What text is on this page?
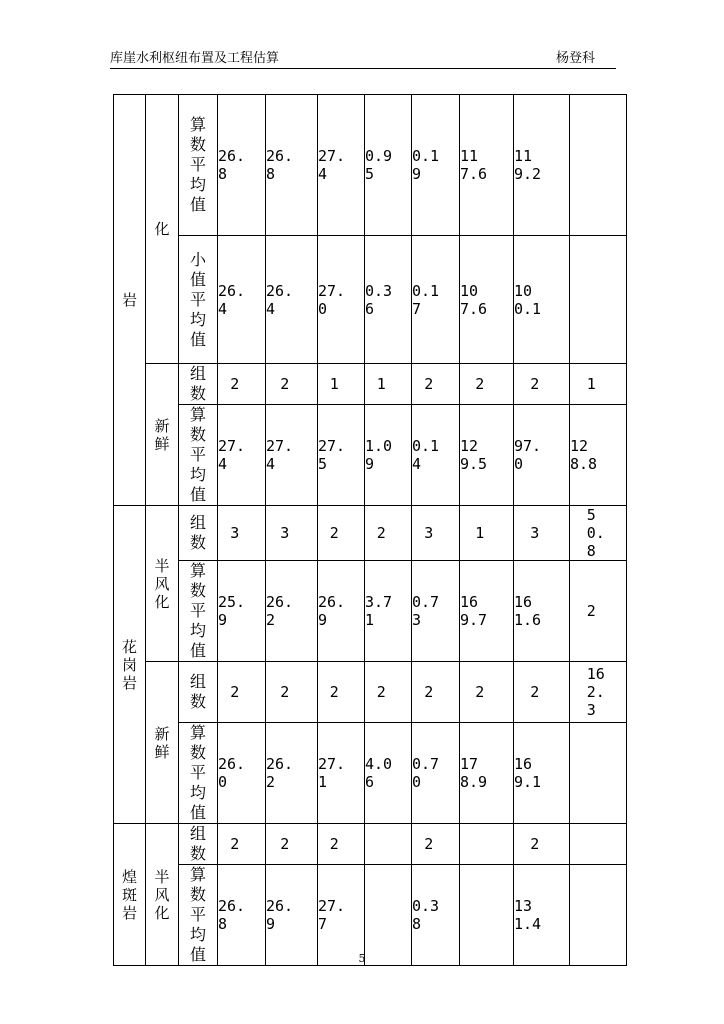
库崖水利枢纽布置及工程估算	杨登科
岩	化	算数平均值	26.8	26.8	27.4	0.95	0.19	117.6	119.2	

		小值平均值	26.4	26.4	27.0	0.36	0.17	107.6	100.1	

	新鲜	组数	2	2	1	1	2	2	2	1

		算数平均值	27.4	27.4	27.5	1.09	0.14	129.5	97.0	128.8

花岗岩	半风化	组数	3	3	2	2	3	1	3	50.8

		算数平均值	25.9	26.2	26.9	3.71	0.73	169.7	161.6	2

	新鲜	组数	2	2	2	2	2	2	2	162.3

		算数平均值	26.0	26.2	27.1	4.06	0.70	178.9	169.1	

煌斑岩	半风化	组数	2	2	2		2		2	

		算数平均值	26.8	26.9	27.7		0.38		131.4	

5
